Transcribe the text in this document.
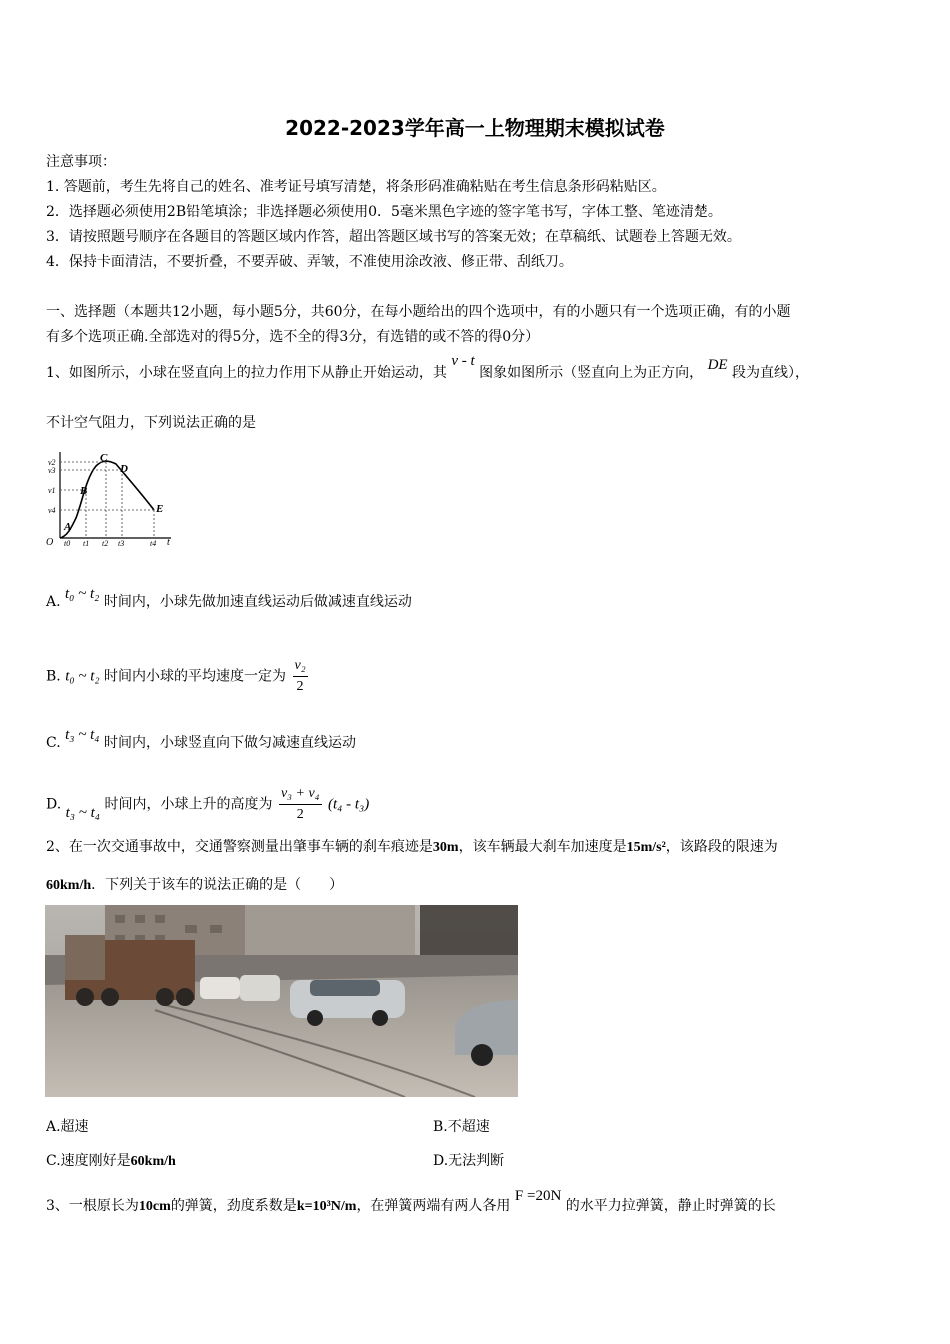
2022-2023学年高一上物理期末模拟试卷
注意事项：
1. 答题前，考生先将自己的姓名、准考证号填写清楚，将条形码准确粘贴在考生信息条形码粘贴区。
2．选择题必须使用2B铅笔填涂；非选择题必须使用0．5毫米黑色字迹的签字笔书写，字体工整、笔迹清楚。
3．请按照题号顺序在各题目的答题区域内作答，超出答题区域书写的答案无效；在草稿纸、试题卷上答题无效。
4．保持卡面清洁，不要折叠，不要弄破、弄皱，不准使用涂改液、修正带、刮纸刀。
一、选择题（本题共12小题，每小题5分，共60分，在每小题给出的四个选项中，有的小题只有一个选项正确，有的小题
有多个选项正确.全部选对的得5分，选不全的得3分，有选错的或不答的得0分）
1、如图所示，小球在竖直向上的拉力作用下从静止开始运动，其 v - t 图象如图所示（竖直向上为正方向， DE 段为直线），
不计空气阻力，下列说法正确的是
v2
v3
v1
v4
t0 t1 t2 t3	t4
O	t
A
B
C
D
E
A. t₀ ~ t₂ 时间内，小球先做加速直线运动后做减速直线运动
B. t₀ ~ t₂ 时间内小球的平均速度一定为 $\frac{\text{v₂}}{2}$
C. t₃ ~ t₄ 时间内，小球竖直向下做匀减速直线运动
D. t₃ ~ t₄ 时间内，小球上升的高度为 $\frac{\text{v₃ + v₄}}{2} (t_4 - t_3)$
2、在一次交通事故中，交通警察测量出肇事车辆的刹车痕迹是30m，该车辆最大刹车加速度是15m/s²，该路段的限速为
60km/h．下列关于该车的说法正确的是（　　）
A.超速	B.不超速
C.速度刚好是60km/h	D.无法判断
3、一根原长为10cm的弹簧，劲度系数是k=10³N/m，在弹簧两端有两人各用 F =20N 的水平力拉弹簧，静止时弹簧的长
